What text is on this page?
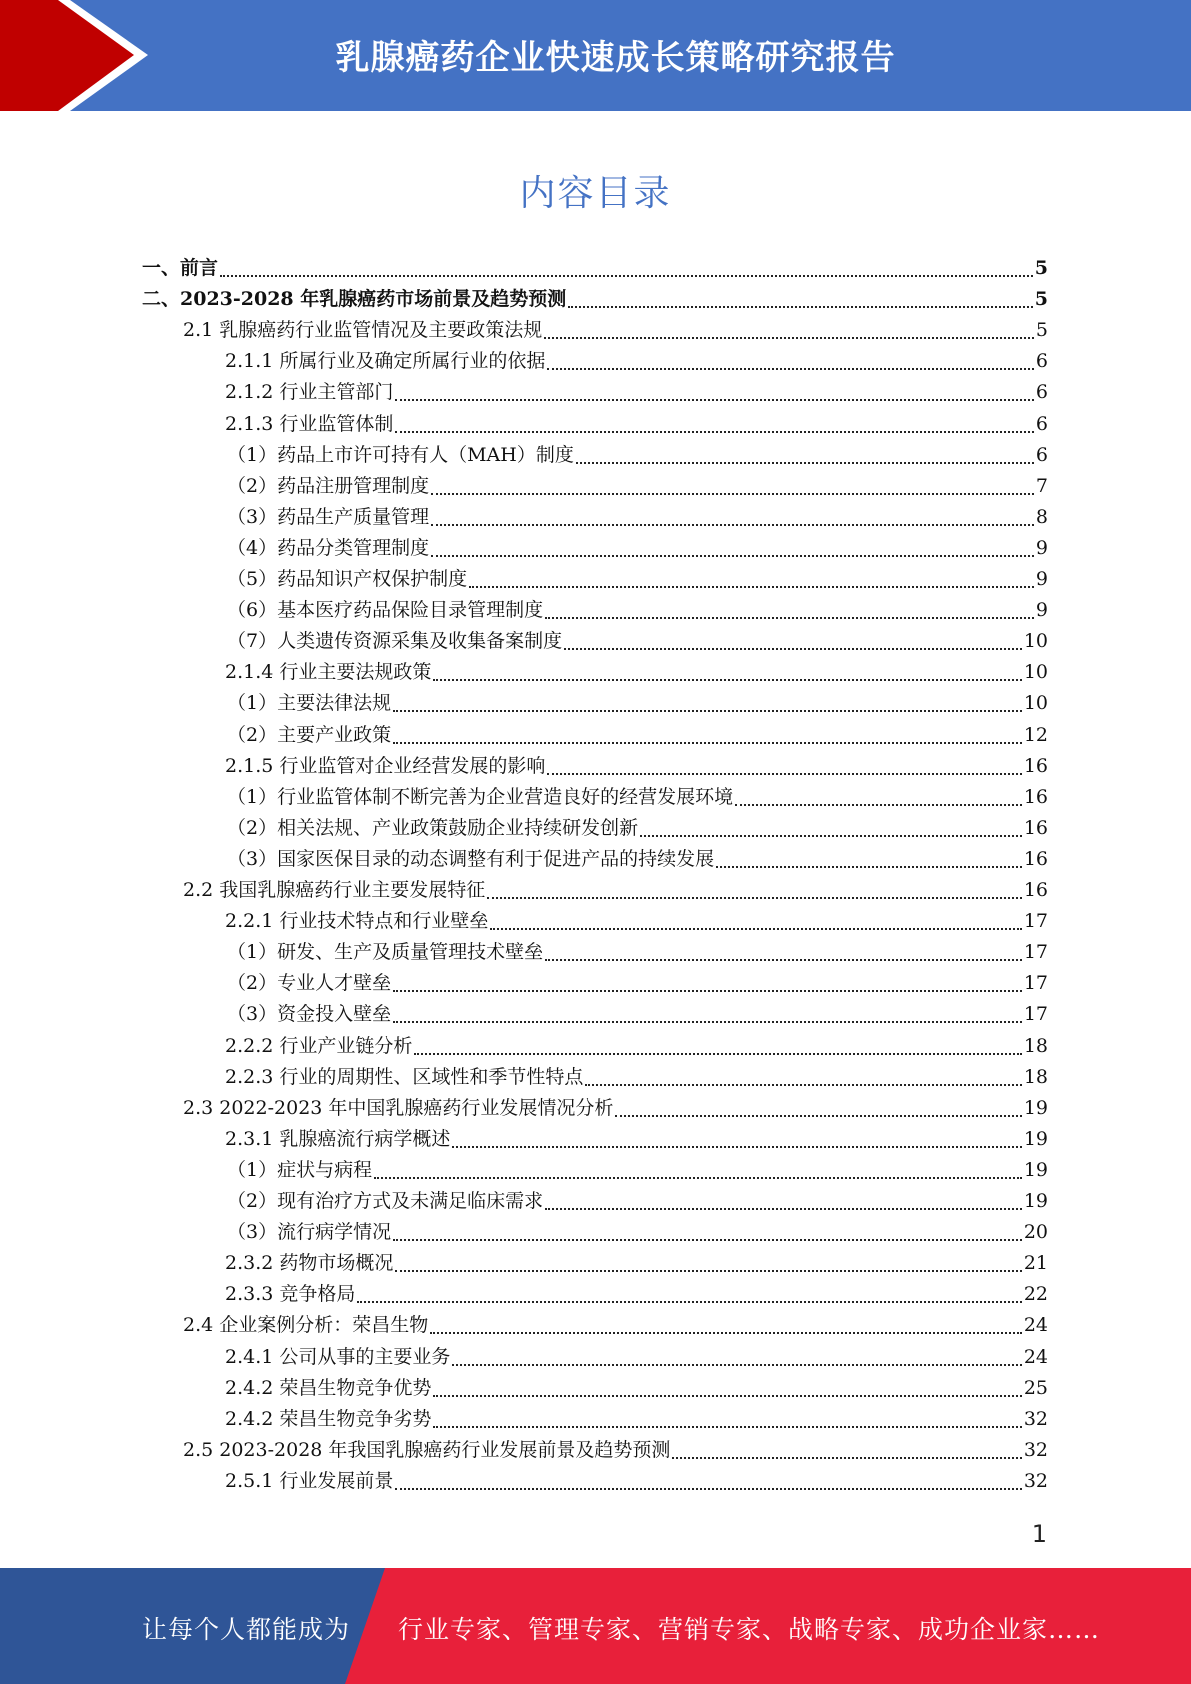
乳腺癌药企业快速成长策略研究报告
内容目录
一、前言	5
二、2023-2028 年乳腺癌药市场前景及趋势预测	5
2.1 乳腺癌药行业监管情况及主要政策法规	5
2.1.1 所属行业及确定所属行业的依据	6
2.1.2 行业主管部门	6
2.1.3 行业监管体制	6
（1）药品上市许可持有人（MAH）制度	6
（2）药品注册管理制度	7
（3）药品生产质量管理	8
（4）药品分类管理制度	9
（5）药品知识产权保护制度	9
（6）基本医疗药品保险目录管理制度	9
（7）人类遗传资源采集及收集备案制度	10
2.1.4 行业主要法规政策	10
（1）主要法律法规	10
（2）主要产业政策	12
2.1.5 行业监管对企业经营发展的影响	16
（1）行业监管体制不断完善为企业营造良好的经营发展环境	16
（2）相关法规、产业政策鼓励企业持续研发创新	16
（3）国家医保目录的动态调整有利于促进产品的持续发展	16
2.2 我国乳腺癌药行业主要发展特征	16
2.2.1 行业技术特点和行业壁垒	17
（1）研发、生产及质量管理技术壁垒	17
（2）专业人才壁垒	17
（3）资金投入壁垒	17
2.2.2 行业产业链分析	18
2.2.3 行业的周期性、区域性和季节性特点	18
2.3 2022-2023 年中国乳腺癌药行业发展情况分析	19
2.3.1 乳腺癌流行病学概述	19
（1）症状与病程	19
（2）现有治疗方式及未满足临床需求	19
（3）流行病学情况	20
2.3.2 药物市场概况	21
2.3.3 竞争格局	22
2.4 企业案例分析：荣昌生物	24
2.4.1 公司从事的主要业务	24
2.4.2 荣昌生物竞争优势	25
2.4.2 荣昌生物竞争劣势	32
2.5 2023-2028 年我国乳腺癌药行业发展前景及趋势预测	32
2.5.1 行业发展前景	32
1
让每个人都能成为 行业专家、管理专家、营销专家、战略专家、成功企业家……
